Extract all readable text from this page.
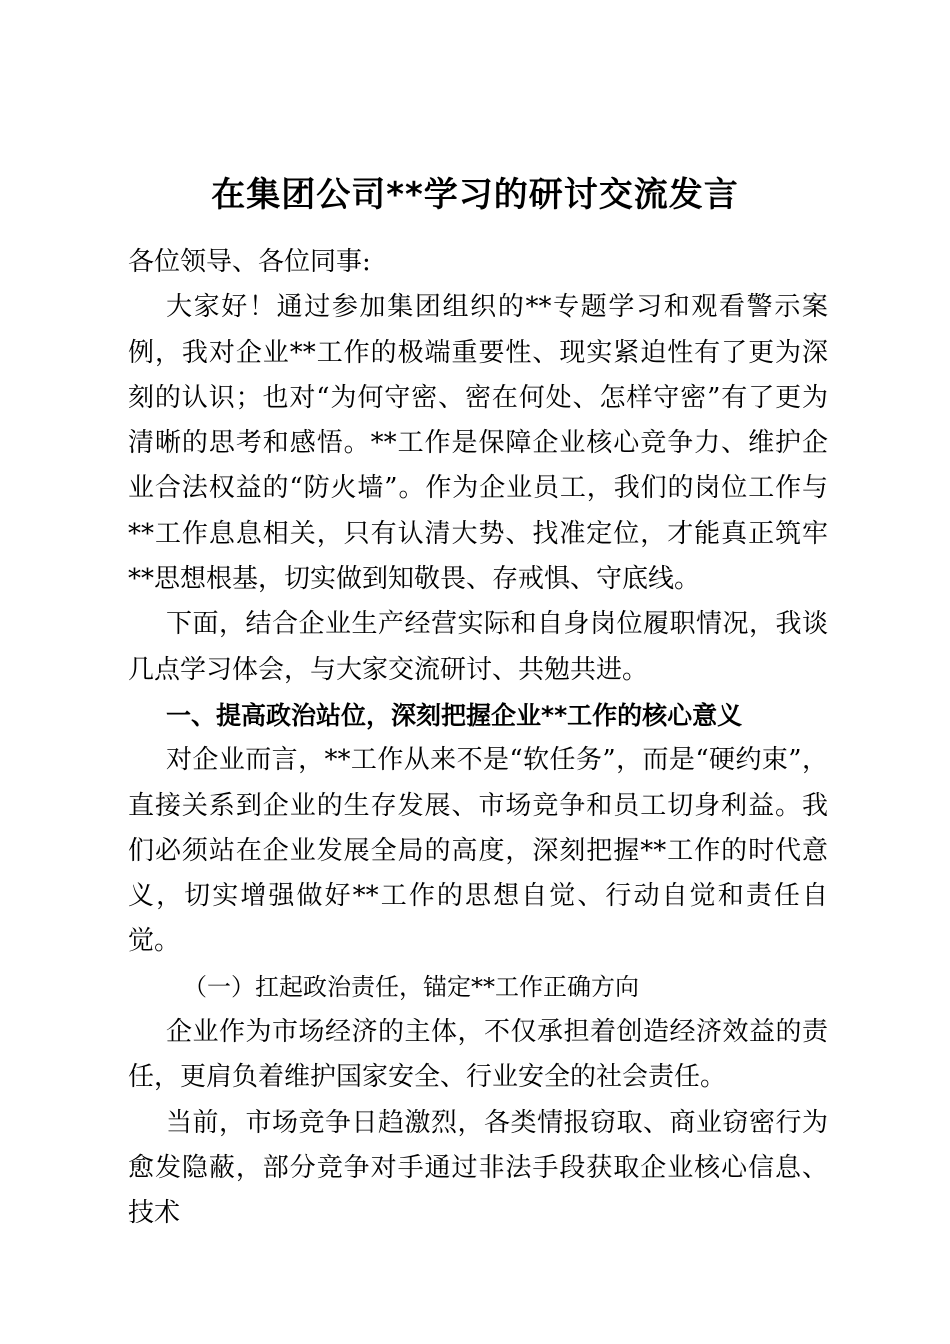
在集团公司**学习的研讨交流发言

各位领导、各位同事:

大家好！通过参加集团组织的**专题学习和观看警示案例，我对企业**工作的极端重要性、现实紧迫性有了更为深刻的认识；也对“为何守密、密在何处、怎样守密”有了更为清晰的思考和感悟。**工作是保障企业核心竞争力、维护企业合法权益的“防火墙”。作为企业员工，我们的岗位工作与**工作息息相关，只有认清大势、找准定位，才能真正筑牢**思想根基，切实做到知敬畏、存戒惧、守底线。

下面，结合企业生产经营实际和自身岗位履职情况，我谈几点学习体会，与大家交流研讨、共勉共进。

一、提高政治站位，深刻把握企业**工作的核心意义

对企业而言，**工作从来不是“软任务”，而是“硬约束”，直接关系到企业的生存发展、市场竞争和员工切身利益。我们必须站在企业发展全局的高度，深刻把握**工作的时代意义，切实增强做好**工作的思想自觉、行动自觉和责任自觉。

（一）扛起政治责任，锚定**工作正确方向

企业作为市场经济的主体，不仅承担着创造经济效益的责任，更肩负着维护国家安全、行业安全的社会责任。

当前，市场竞争日趋激烈，各类情报窃取、商业窃密行为愈发隐蔽，部分竞争对手通过非法手段获取企业核心信息、技术
